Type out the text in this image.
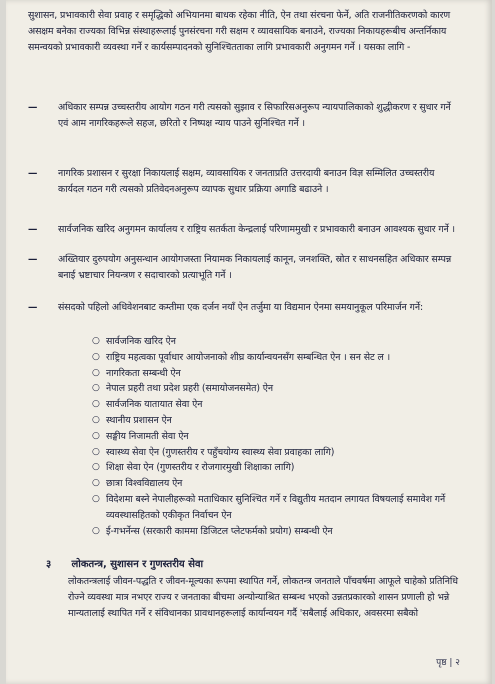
सुशासन, प्रभावकारी सेवा प्रवाह र समृद्धिको अभियानमा बाधक रहेका नीति, ऐन तथा संरचना फेर्ने, अति राजनीतिकरणको कारण असक्षम बनेका राज्यका विभिन्न संस्थाहरूलाई पुनसंरचना गरी सक्षम र व्यावसायिक बनाउने, राज्यका निकायहरूबीच अन्तर्निकाय समन्वयको प्रभावकारी व्यवस्था गर्ने र कार्यसम्पादनको सुनिश्चितताका लागि प्रभावकारी अनुगमन गर्ने । यसका लागि -
—	अधिकार सम्पन्न उच्चस्तरीय आयोग गठन गरी त्यसको सुझाव र सिफारिसअनुरूप न्यायपालिकाको शुद्धीकरण र सुधार गर्ने एवं आम नागरिकहरूले सहज, छरितो र निष्पक्ष न्याय पाउने सुनिश्चित गर्ने ।
—	नागरिक प्रशासन र सुरक्षा निकायलाई सक्षम, व्यावसायिक र जनताप्रति उत्तरदायी बनाउन विज्ञ सम्मिलित उच्चस्तरीय कार्यदल गठन गरी त्यसको प्रतिवेदनअनुरूप व्यापक सुधार प्रक्रिया अगाडि बढाउने ।
—	सार्वजनिक खरिद अनुगमन कार्यालय र राष्ट्रिय सतर्कता केन्द्रलाई परिणाममुखी र प्रभावकारी बनाउन आवश्यक सुधार गर्ने ।
—	अख्तियार दुरुपयोग अनुसन्धान आयोगजस्ता नियामक निकायलाई कानून, जनशक्ति, स्रोत र साधनसहित अधिकार सम्पन्न बनाई भ्रष्टाचार नियन्त्रण र सदाचारको प्रत्याभूति गर्ने ।
—	संसदको पहिलो अधिवेशनबाट कम्तीमा एक दर्जन नयाँ ऐन तर्जुमा या विद्यमान ऐनमा समयानुकूल परिमार्जन गर्ने:
○ सार्वजनिक खरिद ऐन
○ राष्ट्रिय महत्वका पूर्वाधार आयोजनाको शीघ्र कार्यान्वयनसँग सम्बन्धित ऐन । सन सेट ल ।
○ नागरिकता सम्बन्धी ऐन
○ नेपाल प्रहरी तथा प्रदेश प्रहरी (समायोजनसमेत) ऐन
○ सार्वजनिक यातायात सेवा ऐन
○ स्थानीय प्रशासन ऐन
○ सङ्घीय निजामती सेवा ऐन
○ स्वास्थ्य सेवा ऐन (गुणस्तरीय र पहुँचयोग्य स्वास्थ्य सेवा प्रवाहका लागि)
○ शिक्षा सेवा ऐन (गुणस्तरीय र रोजगारमुखी शिक्षाका लागि)
○ छात्रा विश्वविद्यालय ऐन
○ विदेशमा बस्ने नेपालीहरूको मताधिकार सुनिश्चित गर्ने र विद्युतीय मतदान लगायत विषयलाई समावेश गर्ने व्यवस्थासहितको एकीकृत निर्वाचन ऐन
○ ई-गभर्नेन्स (सरकारी काममा डिजिटल प्लेटफर्मको प्रयोग) सम्बन्धी ऐन
३ लोकतन्त्र, सुशासन र गुणस्तरीय सेवा
लोकतन्त्रलाई जीवन-पद्धति र जीवन-मूल्यका रूपमा स्थापित गर्ने, लोकतन्त्र जनताले पाँचवर्षमा आफूले चाहेको प्रतिनिधि रोज्ने व्यवस्था मात्र नभएर राज्य र जनताका बीचमा अन्योन्याश्रित सम्बन्ध भएको उन्नतप्रकारको शासन प्रणाली हो भन्ने मान्यतालाई स्थापित गर्ने र संविधानका प्रावधानहरूलाई कार्यान्वयन गर्दै 'सबैलाई अधिकार, अवसरमा सबैको
पृष्ठ | २
